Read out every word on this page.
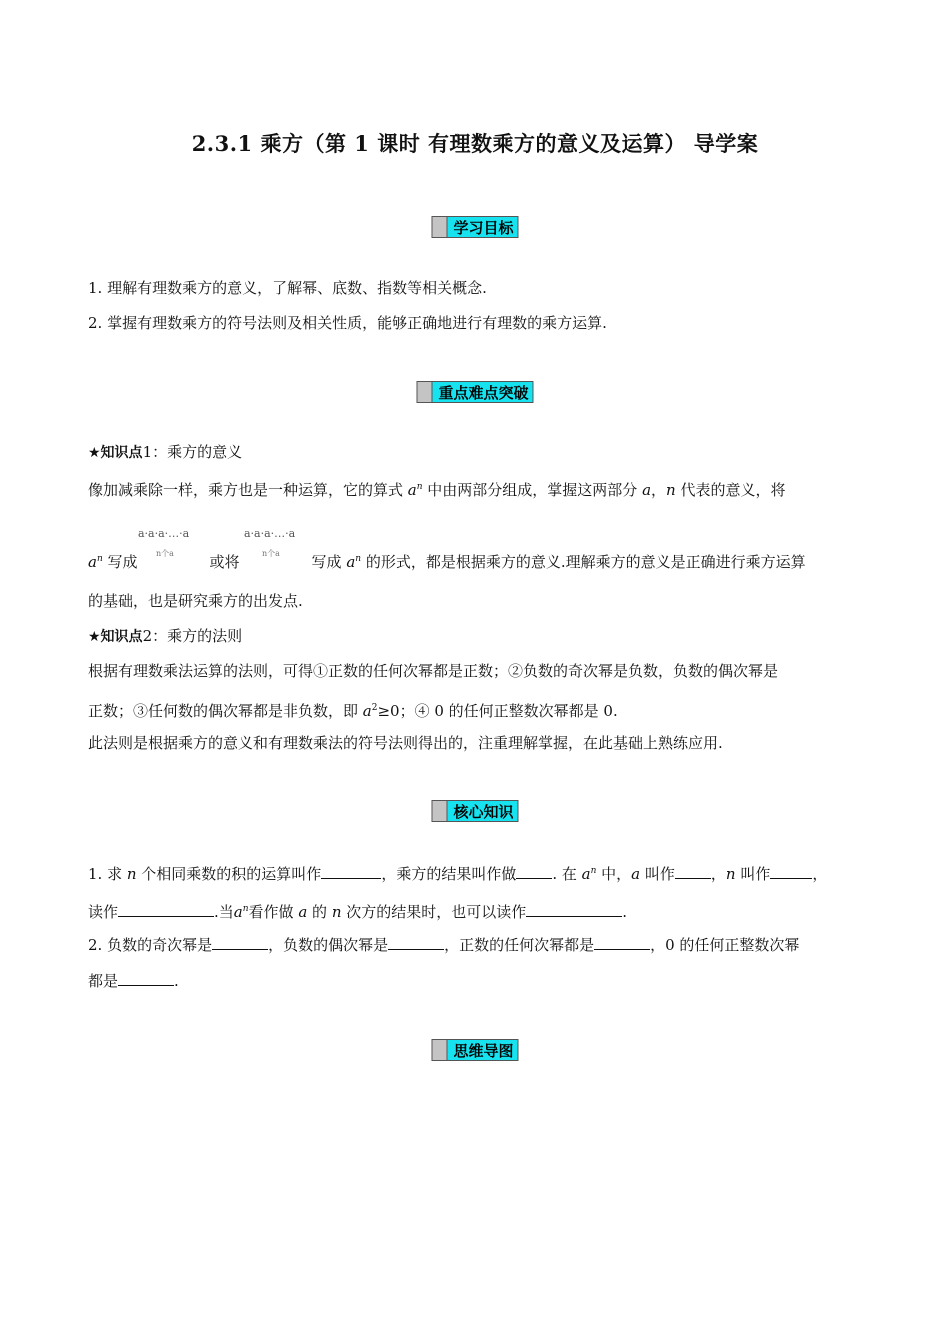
2.3.1 乘方（第 1 课时 有理数乘方的意义及运算） 导学案
学习目标
1. 理解有理数乘方的意义，了解幂、底数、指数等相关概念.
2. 掌握有理数乘方的符号法则及相关性质，能够正确地进行有理数的乘方运算.
重点难点突破
★知识点1：乘方的意义
像加减乘除一样，乘方也是一种运算，它的算式 $a^n$ 中由两部分组成，掌握这两部分 a，n 代表的意义，将
a·a·a·…·a
n个a
a·a·a·…·a
n个a
$a^n$ 写成	或将	写成 $a^n$ 的形式，都是根据乘方的意义.理解乘方的意义是正确进行乘方运算
的基础，也是研究乘方的出发点.
★知识点2：乘方的法则
根据有理数乘法运算的法则，可得①正数的任何次幂都是正数；②负数的奇次幂是负数，负数的偶次幂是
正数；③任何数的偶次幂都是非负数，即 $a^2\ge 0$；④ 0 的任何正整数次幂都是 0.
此法则是根据乘方的意义和有理数乘法的符号法则得出的，注重理解掌握，在此基础上熟练应用.
核心知识
1. 求 n 个相同乘数的积的运算叫作	，乘方的结果叫作做 . 在 $a^n$ 中，a 叫作 ，n 叫作	，
读作	.当$a^n$看作做 a 的 n 次方的结果时，也可以读作	.
2. 负数的奇次幂是	，负数的偶次幂是	，正数的任何次幂都是	，0 的任何正整数次幂
都是	.
思维导图
